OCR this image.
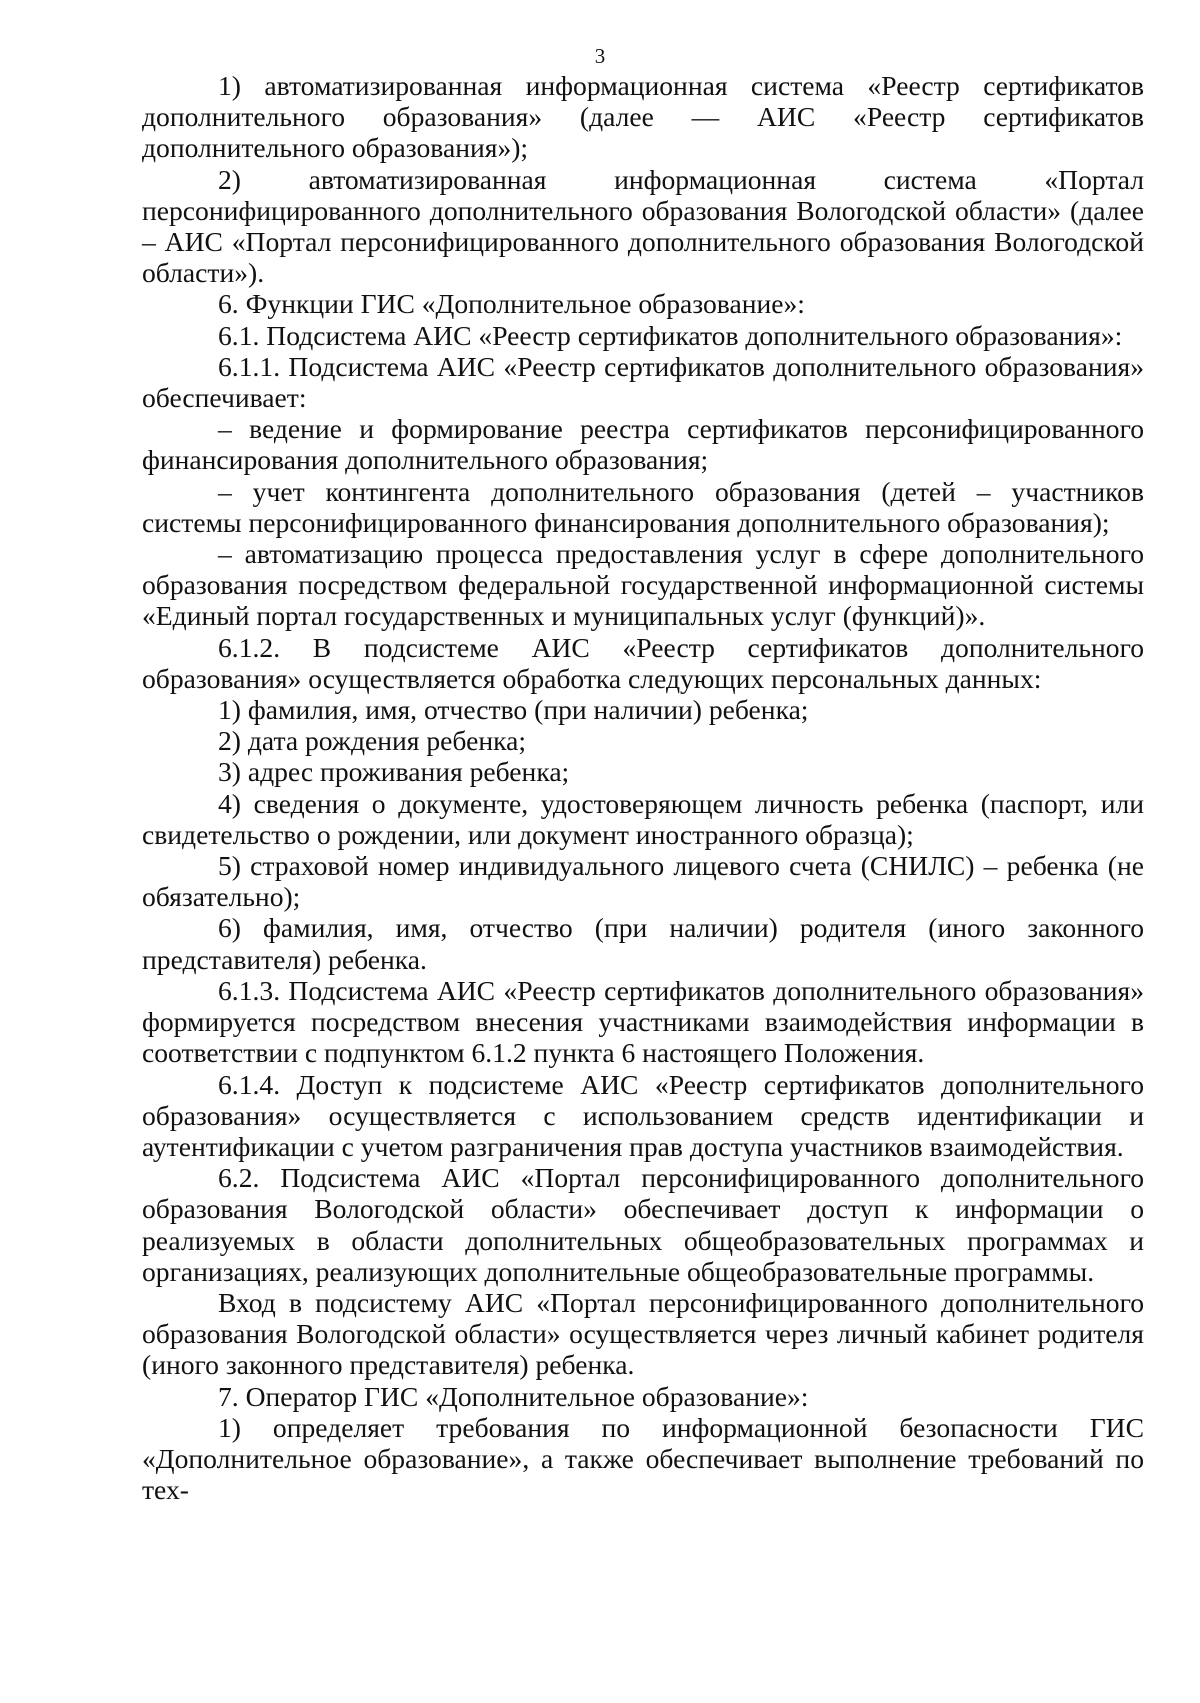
3

1) автоматизированная информационная система «Реестр сертификатов дополнительного образования» (далее — АИС «Реестр сертификатов дополнительного образования»);

2) автоматизированная информационная система «Портал персонифицированного дополнительного образования Вологодской области» (далее – АИС «Портал персонифицированного дополнительного образования Вологодской области»).

6. Функции ГИС «Дополнительное образование»:

6.1. Подсистема АИС «Реестр сертификатов дополнительного образования»:

6.1.1. Подсистема АИС «Реестр сертификатов дополнительного образования» обеспечивает:

– ведение и формирование реестра сертификатов персонифицированного финансирования дополнительного образования;

– учет контингента дополнительного образования (детей – участников системы персонифицированного финансирования дополнительного образования);

– автоматизацию процесса предоставления услуг в сфере дополнительного образования посредством федеральной государственной информационной системы «Единый портал государственных и муниципальных услуг (функций)».

6.1.2. В подсистеме АИС «Реестр сертификатов дополнительного образования» осуществляется обработка следующих персональных данных:

1) фамилия, имя, отчество (при наличии) ребенка;

2) дата рождения ребенка;

3) адрес проживания ребенка;

4) сведения о документе, удостоверяющем личность ребенка (паспорт, или свидетельство о рождении, или документ иностранного образца);

5) страховой номер индивидуального лицевого счета (СНИЛС) – ребенка (не обязательно);

6) фамилия, имя, отчество (при наличии) родителя (иного законного представителя) ребенка.

6.1.3. Подсистема АИС «Реестр сертификатов дополнительного образования» формируется посредством внесения участниками взаимодействия информации в соответствии с подпунктом 6.1.2 пункта 6 настоящего Положения.

6.1.4. Доступ к подсистеме АИС «Реестр сертификатов дополнительного образования» осуществляется с использованием средств идентификации и аутентификации с учетом разграничения прав доступа участников взаимодействия.

6.2. Подсистема АИС «Портал персонифицированного дополнительного образования Вологодской области» обеспечивает доступ к информации о реализуемых в области дополнительных общеобразовательных программах и организациях, реализующих дополнительные общеобразовательные программы.

Вход в подсистему АИС «Портал персонифицированного дополнительного образования Вологодской области» осуществляется через личный кабинет родителя (иного законного представителя) ребенка.

7. Оператор ГИС «Дополнительное образование»:

1) определяет требования по информационной безопасности ГИС «Дополнительное образование», а также обеспечивает выполнение требований по тех-
